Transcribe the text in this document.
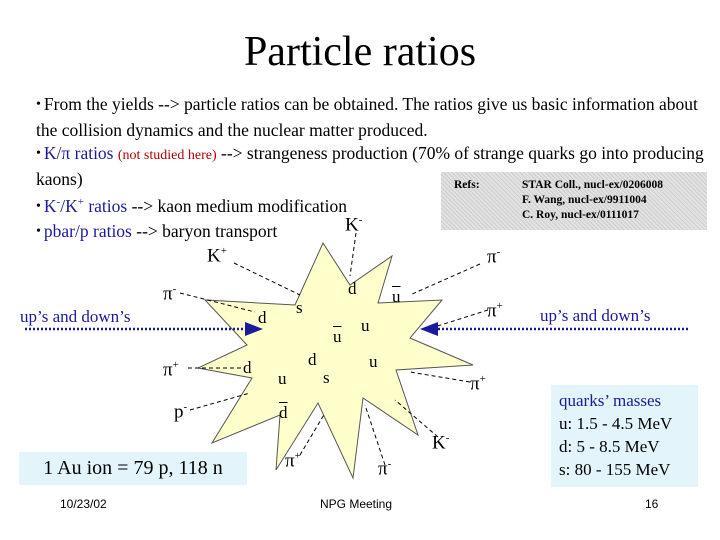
Particle ratios

• From the yields --> particle ratios can be obtained. The ratios give us basic information about the collision dynamics and the nuclear matter produced.

• K/π ratios (not studied here) --> strangeness production (70% of strange quarks go into producing kaons)

• K-/K+ ratios --> kaon medium modification

• pbar/p ratios --> baryon transport

Refs:	STAR Coll., nucl-ex/0206008
F. Wang, nucl-ex/9911004
C. Roy, nucl-ex/0111017
up’s and down’s	up’s and down’s
K-
K+
π-
π+
p-
π-
π+
π+
K-
π+
π-
d
s
d
$\overline{u}$
u
$\overline{u}$
d	d
u s
u
$\overline{d}$
1 Au ion = 79 p, 118 n
quarks’ masses
u: 1.5 - 4.5 MeV
d: 5 - 8.5 MeV
s: 80 - 155 MeV
10/23/02	NPG Meeting	16
